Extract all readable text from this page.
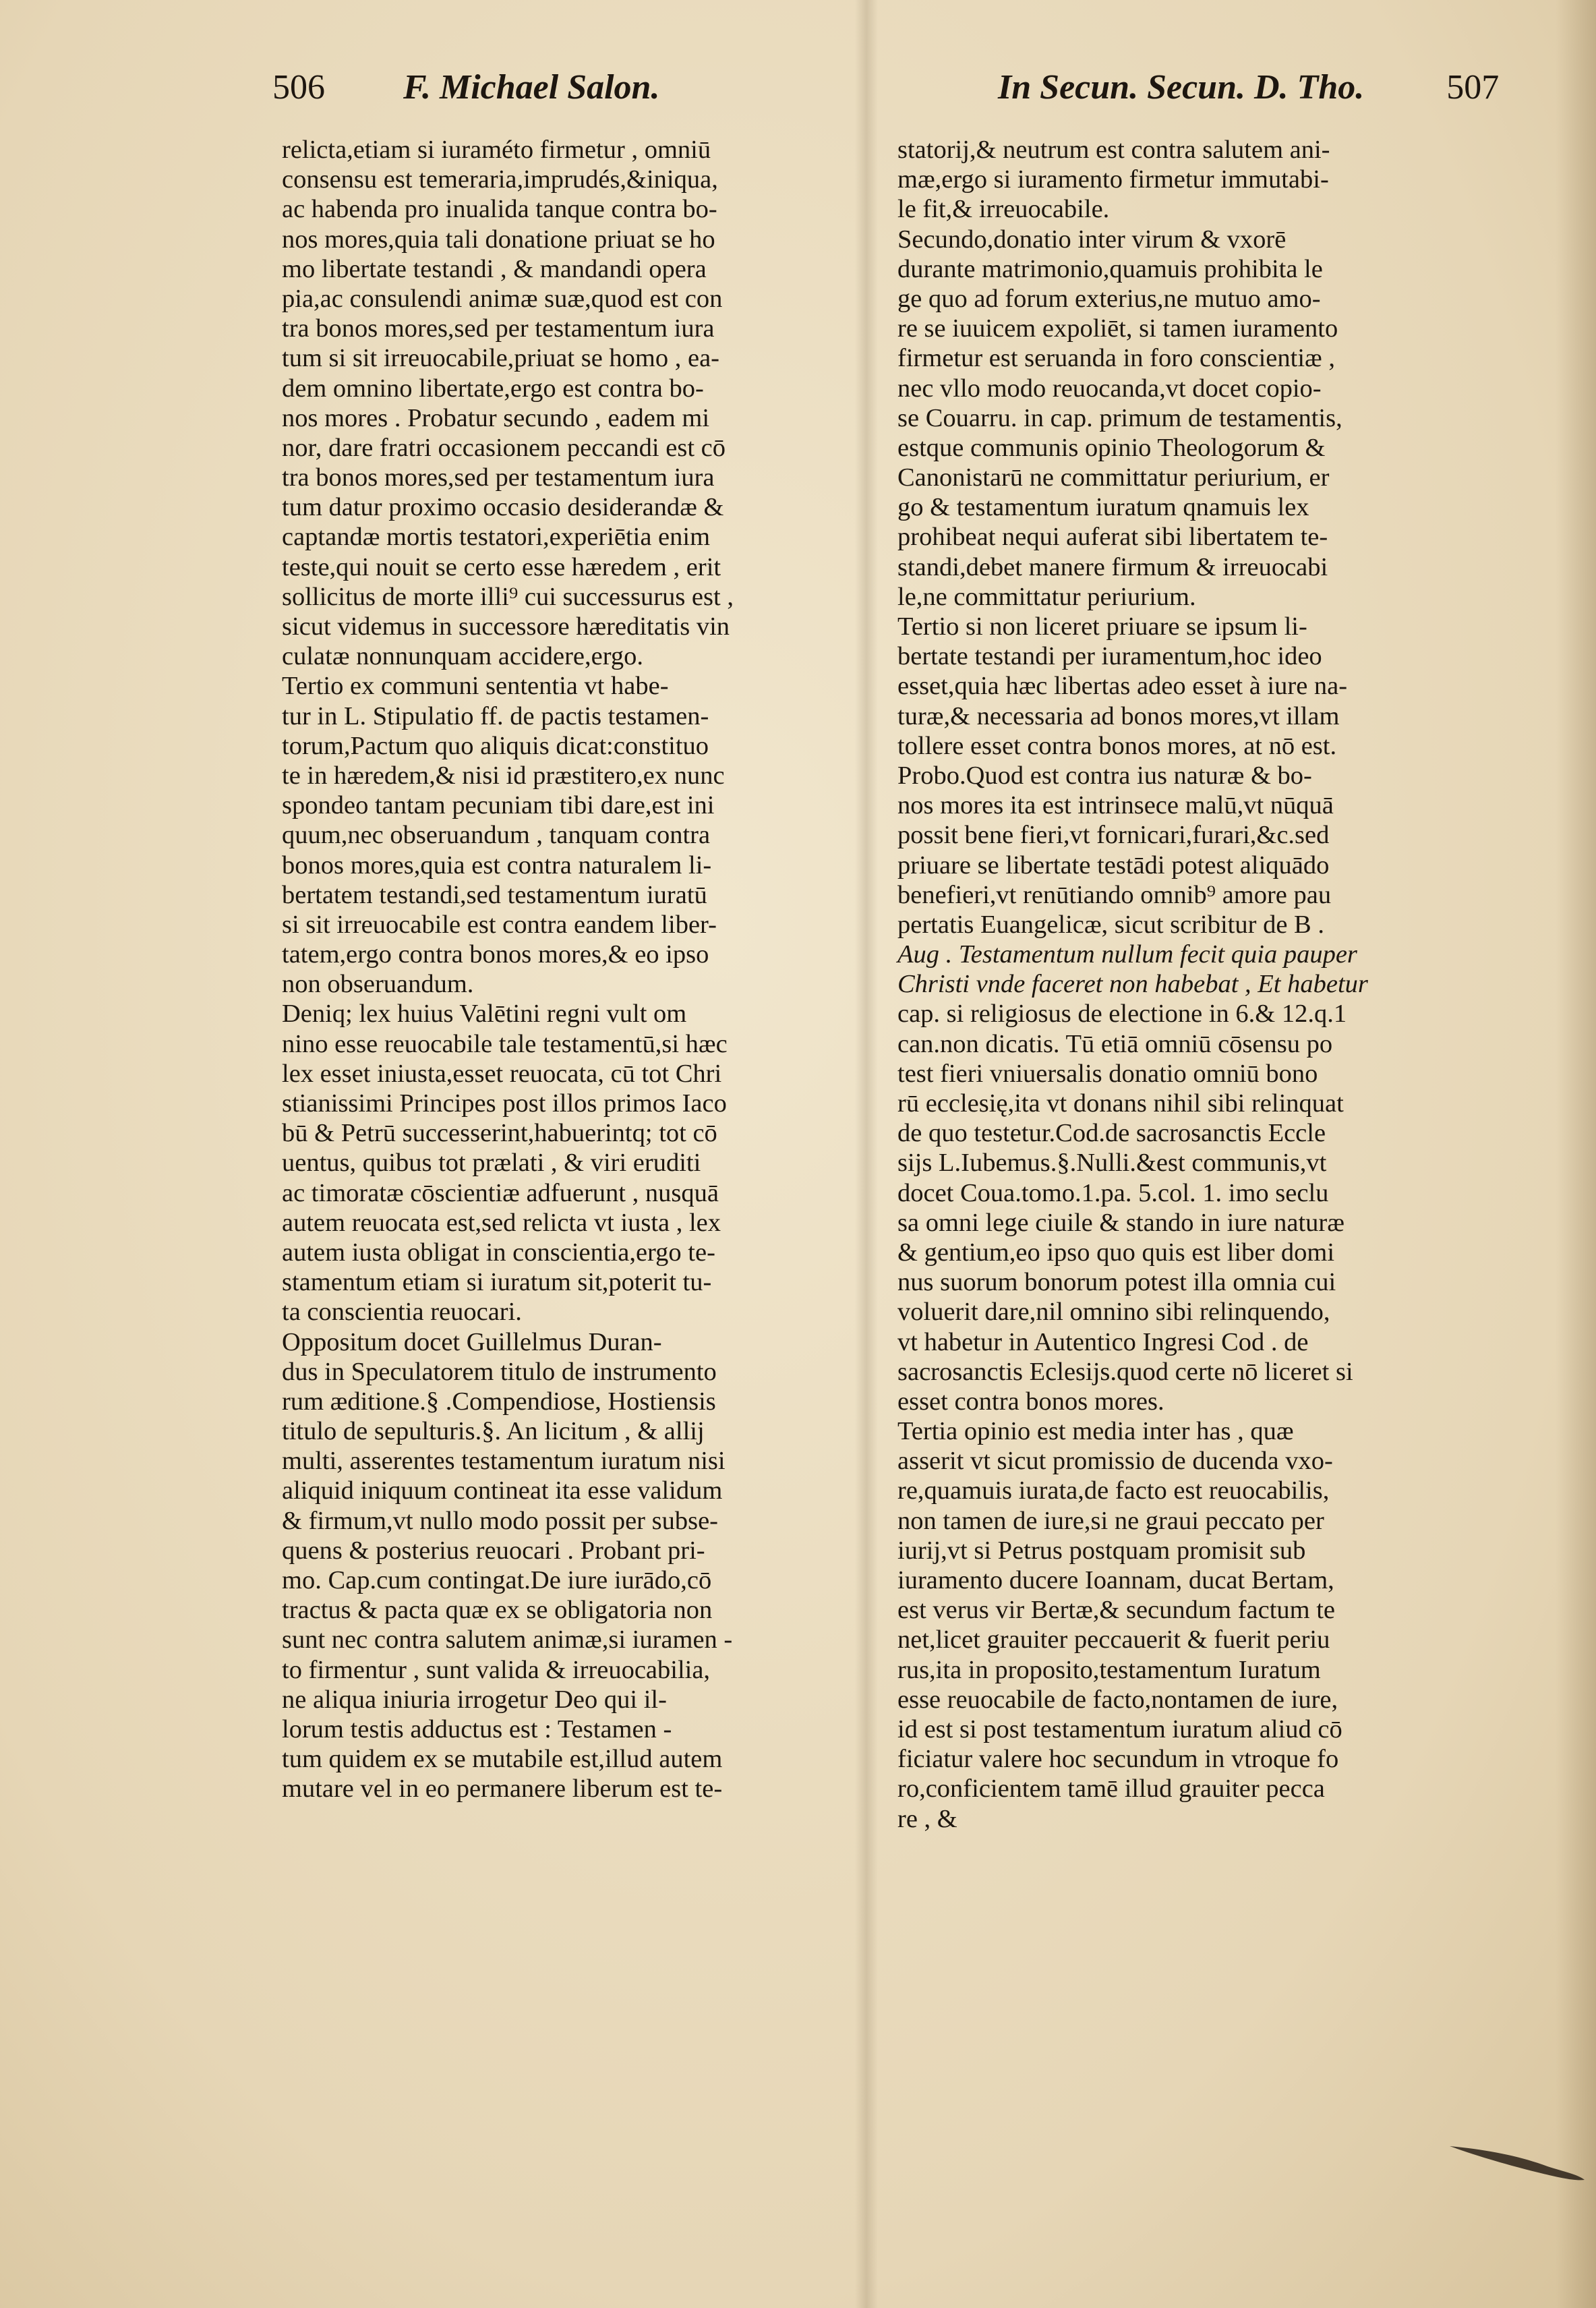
506 F. Michael Salon.	In Secun. Secun. D. Tho. 507
relicta,etiam si iuraméto firmetur , omniū
consensu est temeraria,imprudés,&iniqua,
ac habenda pro inualida tanque contra bo-
nos mores,quia tali donatione priuat se ho
mo libertate testandi , & mandandi opera
pia,ac consulendi animæ suæ,quod est con
tra bonos mores,sed per testamentum iura
tum si sit irreuocabile,priuat se homo , ea-
dem omnino libertate,ergo est contra bo-
nos mores . Probatur secundo , eadem mi
nor, dare fratri occasionem peccandi est cō
tra bonos mores,sed per testamentum iura
tum datur proximo occasio desiderandæ &
captandæ mortis testatori,experiētia enim
teste,qui nouit se certo esse hæredem , erit
sollicitus de morte illi⁹ cui successurus est ,
sicut videmus in successore hæreditatis vin
culatæ nonnunquam accidere,ergo.
Tertio ex communi sententia vt habe-
tur in L. Stipulatio ff. de pactis testamen-
torum,Pactum quo aliquis dicat:constituo
te in hæredem,& nisi id præstitero,ex nunc
spondeo tantam pecuniam tibi dare,est ini
quum,nec obseruandum , tanquam contra
bonos mores,quia est contra naturalem li-
bertatem testandi,sed testamentum iuratū
si sit irreuocabile est contra eandem liber-
tatem,ergo contra bonos mores,& eo ipso
non obseruandum.
Deniq; lex huius Valētini regni vult om
nino esse reuocabile tale testamentū,si hæc
lex esset iniusta,esset reuocata, cū tot Chri
stianissimi Principes post illos primos Iaco
bū & Petrū successerint,habuerintq; tot cō
uentus, quibus tot prælati , & viri eruditi
ac timoratæ cōscientiæ adfuerunt , nusquā
autem reuocata est,sed relicta vt iusta , lex
autem iusta obligat in conscientia,ergo te-
stamentum etiam si iuratum sit,poterit tu-
ta conscientia reuocari.
Oppositum docet Guillelmus Duran-
dus in Speculatorem titulo de instrumento
rum æditione.§ .Compendiose, Hostiensis
titulo de sepulturis.§. An licitum , & allij
multi, asserentes testamentum iuratum nisi
aliquid iniquum contineat ita esse validum
& firmum,vt nullo modo possit per subse-
quens & posterius reuocari . Probant pri-
mo. Cap.cum contingat.De iure iurādo,cō
tractus & pacta quæ ex se obligatoria non
sunt nec contra salutem animæ,si iuramen -
to firmentur , sunt valida & irreuocabilia,
ne aliqua iniuria irrogetur Deo qui il-
lorum testis adductus est : Testamen -
tum quidem ex se mutabile est,illud autem
mutare vel in eo permanere liberum est te-
statorij,& neutrum est contra salutem ani-
mæ,ergo si iuramento firmetur immutabi-
le fit,& irreuocabile.
Secundo,donatio inter virum & vxorē
durante matrimonio,quamuis prohibita le
ge quo ad forum exterius,ne mutuo amo-
re se iuuicem expoliēt, si tamen iuramento
firmetur est seruanda in foro conscientiæ ,
nec vllo modo reuocanda,vt docet copio-
se Couarru. in cap. primum de testamentis,
estque communis opinio Theologorum &
Canonistarū ne committatur periurium, er
go & testamentum iuratum qnamuis lex
prohibeat nequi auferat sibi libertatem te-
standi,debet manere firmum & irreuocabi
le,ne committatur periurium.
Tertio si non liceret priuare se ipsum li-
bertate testandi per iuramentum,hoc ideo
esset,quia hæc libertas adeo esset à iure na-
turæ,& necessaria ad bonos mores,vt illam
tollere esset contra bonos mores, at nō est.
Probo.Quod est contra ius naturæ & bo-
nos mores ita est intrinsece malū,vt nūquā
possit bene fieri,vt fornicari,furari,&c.sed
priuare se libertate testādi potest aliquādo
benefieri,vt renūtiando omnib⁹ amore pau
pertatis Euangelicæ, sicut scribitur de B .
Aug . Testamentum nullum fecit quia pauper
Christi vnde faceret non habebat , Et habetur
cap. si religiosus de electione in 6.& 12.q.1
can.non dicatis. Tū etiā omniū cōsensu po
test fieri vniuersalis donatio omniū bono
rū ecclesię,ita vt donans nihil sibi relinquat
de quo testetur.Cod.de sacrosanctis Eccle
sijs L.Iubemus.§.Nulli.&est communis,vt
docet Coua.tomo.1.pa. 5.col. 1. imo seclu
sa omni lege ciuile & stando in iure naturæ
& gentium,eo ipso quo quis est liber domi
nus suorum bonorum potest illa omnia cui
voluerit dare,nil omnino sibi relinquendo,
vt habetur in Autentico Ingresi Cod . de
sacrosanctis Eclesijs.quod certe nō liceret si
esset contra bonos mores.
Tertia opinio est media inter has , quæ
asserit vt sicut promissio de ducenda vxo-
re,quamuis iurata,de facto est reuocabilis,
non tamen de iure,si ne graui peccato per
iurij,vt si Petrus postquam promisit sub
iuramento ducere Ioannam, ducat Bertam,
est verus vir Bertæ,& secundum factum te
net,licet grauiter peccauerit & fuerit periu
rus,ita in proposito,testamentum Iuratum
esse reuocabile de facto,nontamen de iure,
id est si post testamentum iuratum aliud cō
ficiatur valere hoc secundum in vtroque fo
ro,conficientem tamē illud grauiter pecca
re , &
